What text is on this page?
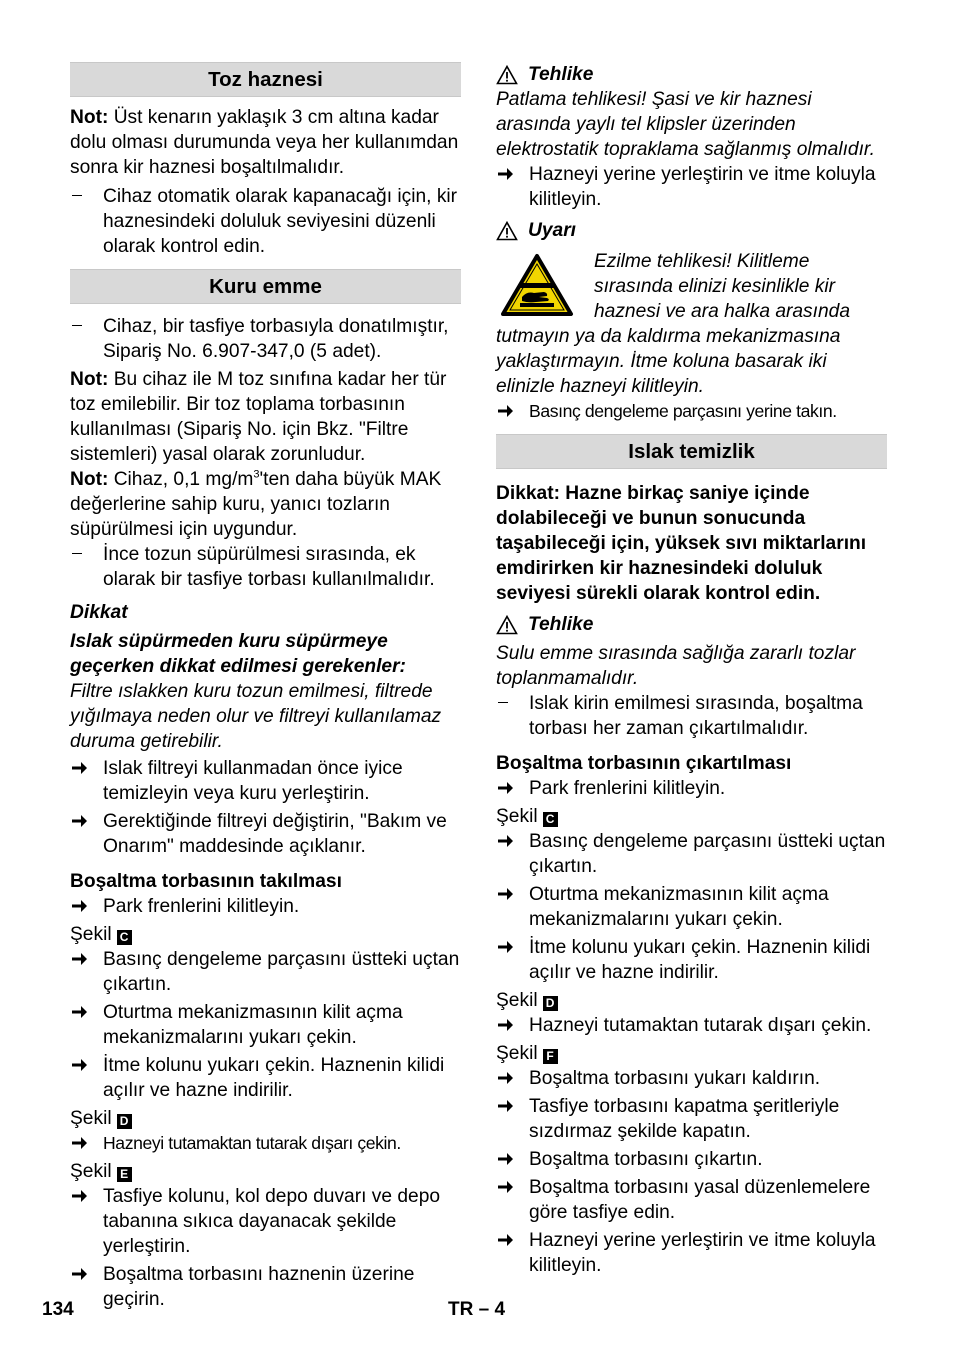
Toz haznesi

Not: Üst kenarın yaklaşık 3 cm altına kadar dolu olması durumunda veya her kullanımdan sonra kir haznesi boşaltılmalıdır.

Cihaz otomatik olarak kapanacağı için, kir haznesindeki doluluk seviyesini düzenli olarak kontrol edin.
Kuru emme
Cihaz, bir tasfiye torbasıyla donatılmıştır, Sipariş No. 6.907-347,0 (5 adet).

Not: Bu cihaz ile M toz sınıfına kadar her tür toz emilebilir. Bir toz toplama torbasının kullanılması (Sipariş No. için Bkz. "Filtre sistemleri) yasal olarak zorunludur.

Not: Cihaz, 0,1 $mg/m^3'ten$ daha büyük MAK değerlerine sahip kuru, yanıcı tozların süpürülmesi için uygundur.

İnce tozun süpürülmesi sırasında, ek olarak bir tasfiye torbası kullanılmalıdır.

Dikkat

Islak süpürmeden kuru süpürmeye geçerken dikkat edilmesi gerekenler:

Filtre ıslakken kuru tozun emilmesi, filtrede yığılmaya neden olur ve filtreyi kullanılamaz duruma getirebilir.

Islak filtreyi kullanmadan önce iyice temizleyin veya kuru yerleştirin.
Gerektiğinde filtreyi değiştirin, "Bakım ve Onarım" maddesinde açıklanır.

Boşaltma torbasının takılması

Park frenlerini kilitleyin.

Şekil C

Basınç dengeleme parçasını üstteki uçtan çıkartın.
Oturtma mekanizmasının kilit açma mekanizmalarını yukarı çekin.
İtme kolunu yukarı çekin. Haznenin kilidi açılır ve hazne indirilir.

Şekil D

Hazneyi tutamaktan tutarak dışarı çekin.

Şekil E

Tasfiye kolunu, kol depo duvarı ve depo tabanına sıkıca dayanacak şekilde yerleştirin.
Boşaltma torbasını haznenin üzerine geçirin.
Tehlike

Patlama tehlikesi! Şasi ve kir haznesi arasında yaylı tel klipsler üzerinden elektrostatik topraklama sağlanmış olmalıdır.

Hazneyi yerine yerleştirin ve itme koluyla kilitleyin.
Uyarı

Ezilme tehlikesi! Kilitleme sırasında elinizi kesinlikle kir haznesi ve ara halka arasında tutmayın ya da kaldırma mekanizmasına yaklaştırmayın. İtme koluna basarak iki elinizle hazneyi kilitleyin.

Basınç dengeleme parçasını yerine takın.
Islak temizlik

Dikkat: Hazne birkaç saniye içinde dolabileceği ve bunun sonucunda taşabileceği için, yüksek sıvı miktarlarını emdirirken kir haznesindeki doluluk seviyesi sürekli olarak kontrol edin.

Tehlike

Sulu emme sırasında sağlığa zararlı tozlar toplanmamalıdır.

Islak kirin emilmesi sırasında, boşaltma torbası her zaman çıkartılmalıdır.

Boşaltma torbasının çıkartılması

Park frenlerini kilitleyin.

Şekil C

Basınç dengeleme parçasını üstteki uçtan çıkartın.
Oturtma mekanizmasının kilit açma mekanizmalarını yukarı çekin.
İtme kolunu yukarı çekin. Haznenin kilidi açılır ve hazne indirilir.

Şekil D

Hazneyi tutamaktan tutarak dışarı çekin.

Şekil F

Boşaltma torbasını yukarı kaldırın.
Tasfiye torbasını kapatma şeritleriyle sızdırmaz şekilde kapatın.
Boşaltma torbasını çıkartın.
Boşaltma torbasını yasal düzenlemelere göre tasfiye edin.
Hazneyi yerine yerleştirin ve itme koluyla kilitleyin.
134	TR – 4
